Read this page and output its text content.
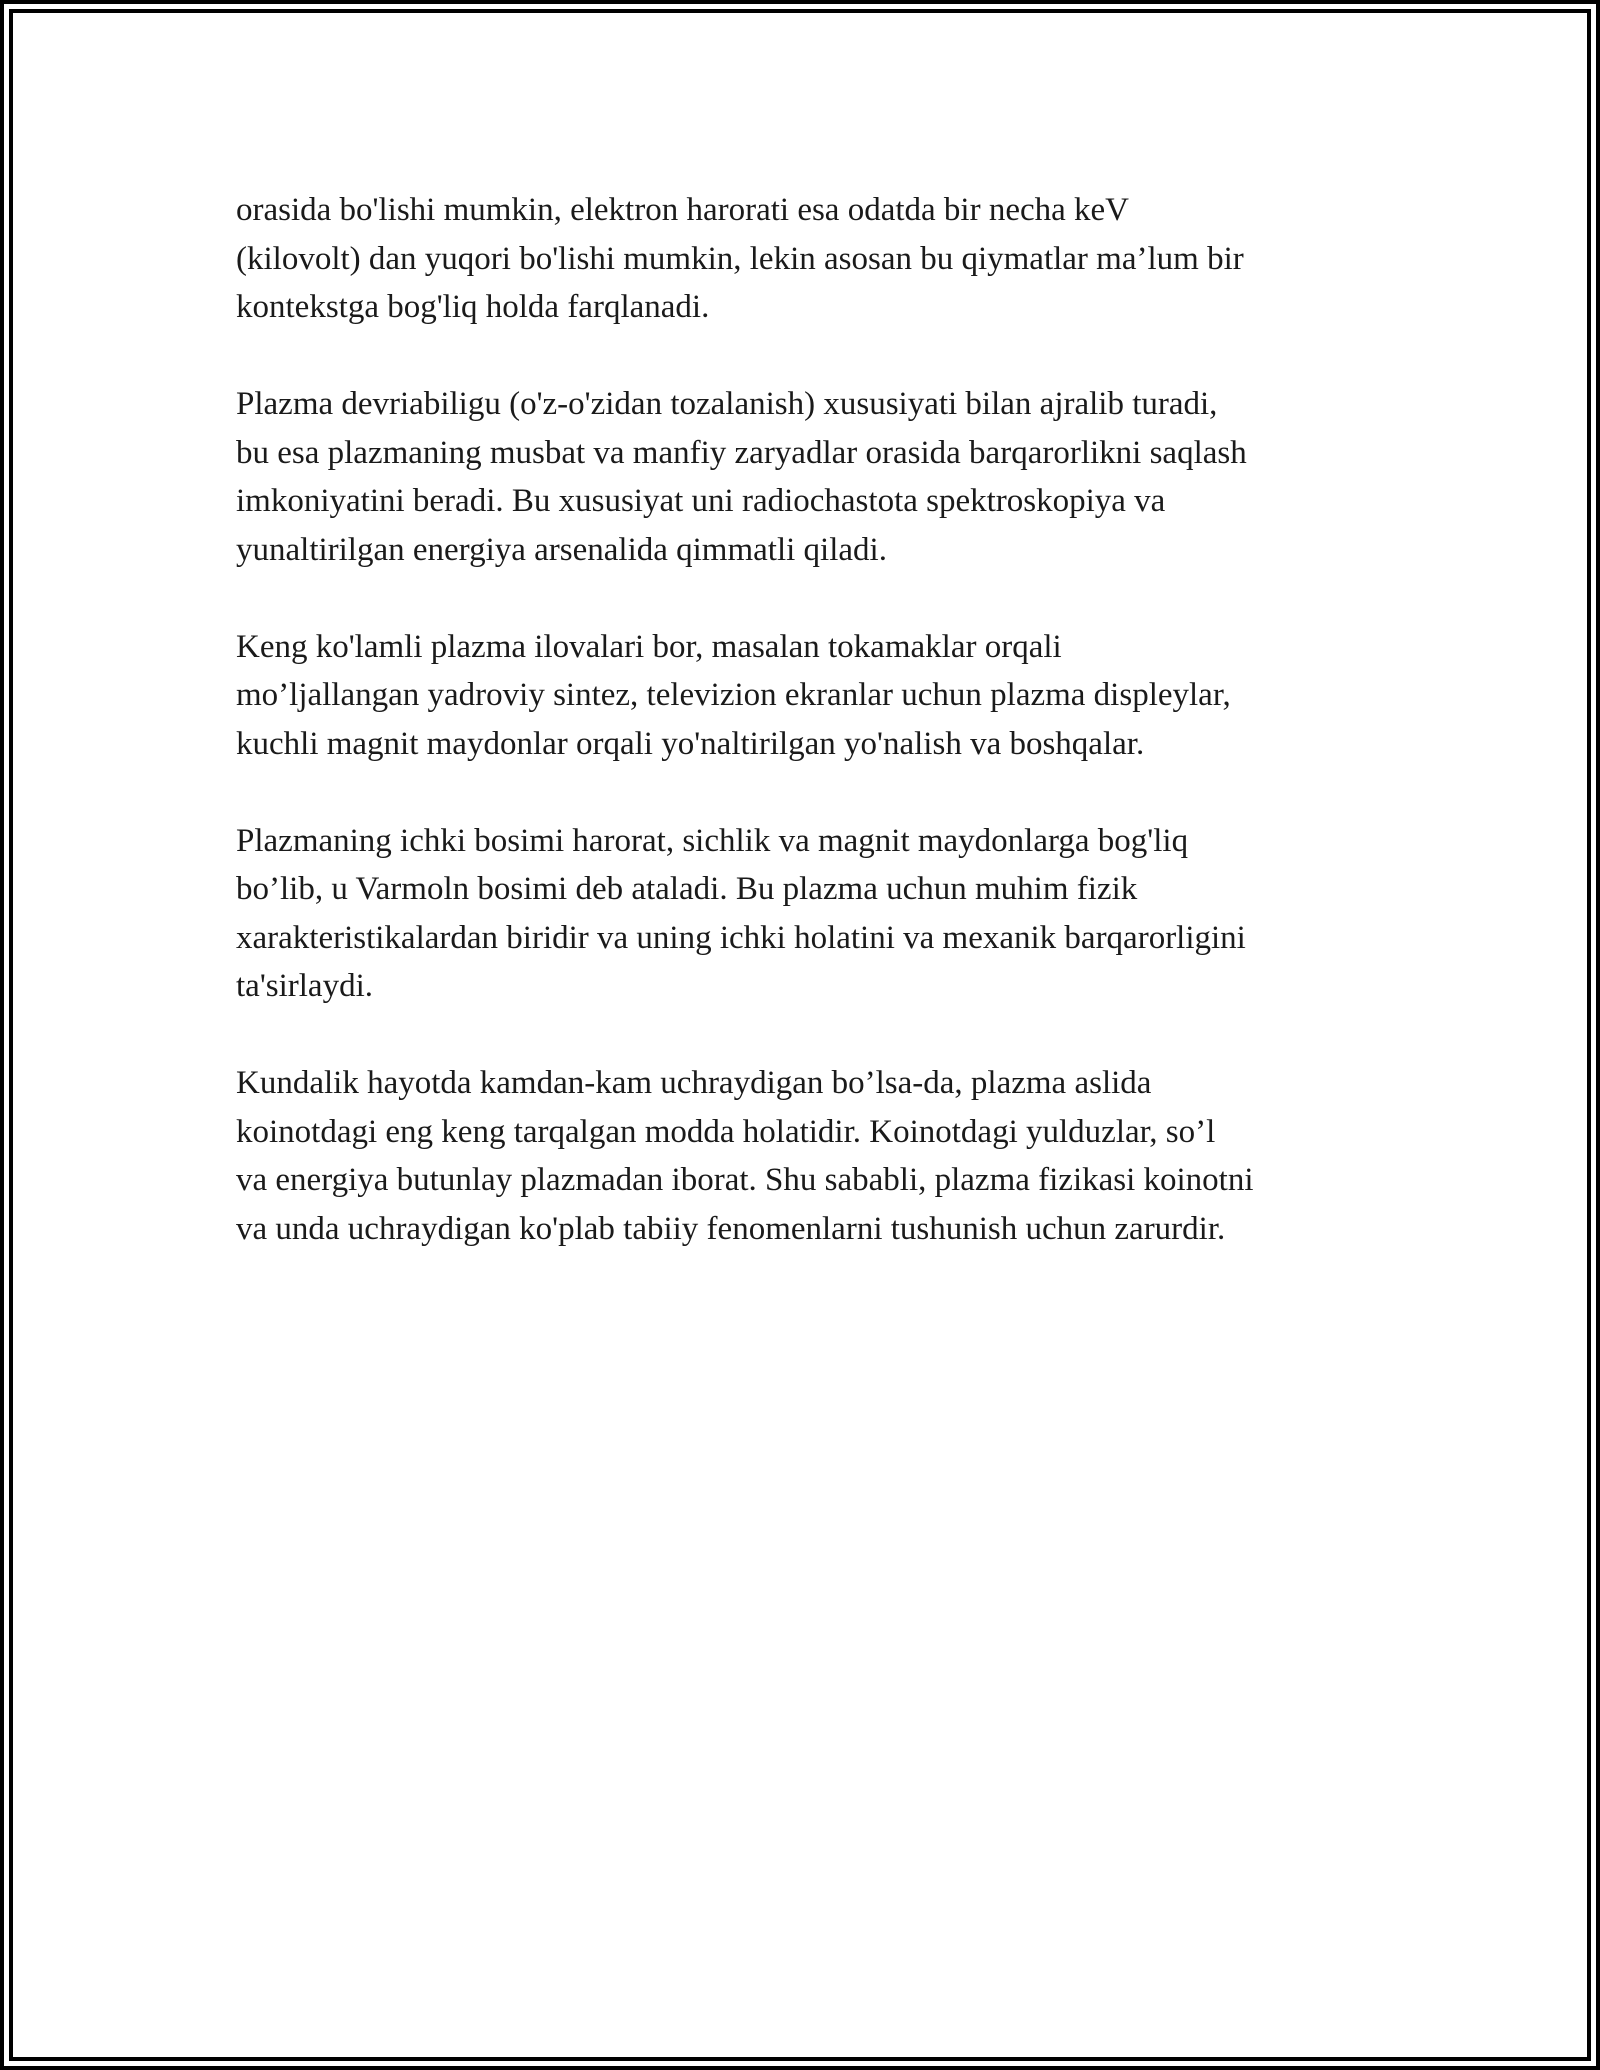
orasida bo'lishi mumkin, elektron harorati esa odatda bir necha keV
(kilovolt) dan yuqori bo'lishi mumkin, lekin asosan bu qiymatlar ma’lum bir
kontekstga bog'liq holda farqlanadi.

Plazma devriabiligu (o'z-o'zidan tozalanish) xususiyati bilan ajralib turadi,
bu esa plazmaning musbat va manfiy zaryadlar orasida barqarorlikni saqlash
imkoniyatini beradi. Bu xususiyat uni radiochastota spektroskopiya va
yunaltirilgan energiya arsenalida qimmatli qiladi.

Keng ko'lamli plazma ilovalari bor, masalan tokamaklar orqali
mo’ljallangan yadroviy sintez, televizion ekranlar uchun plazma displeylar,
kuchli magnit maydonlar orqali yo'naltirilgan yo'nalish va boshqalar.

Plazmaning ichki bosimi harorat, sichlik va magnit maydonlarga bog'liq
bo’lib, u Varmoln bosimi deb ataladi. Bu plazma uchun muhim fizik
xarakteristikalardan biridir va uning ichki holatini va mexanik barqarorligini
ta'sirlaydi.

Kundalik hayotda kamdan-kam uchraydigan bo’lsa-da, plazma aslida
koinotdagi eng keng tarqalgan modda holatidir. Koinotdagi yulduzlar, so’l
va energiya butunlay plazmadan iborat. Shu sababli, plazma fizikasi koinotni
va unda uchraydigan ko'plab tabiiy fenomenlarni tushunish uchun zarurdir.
